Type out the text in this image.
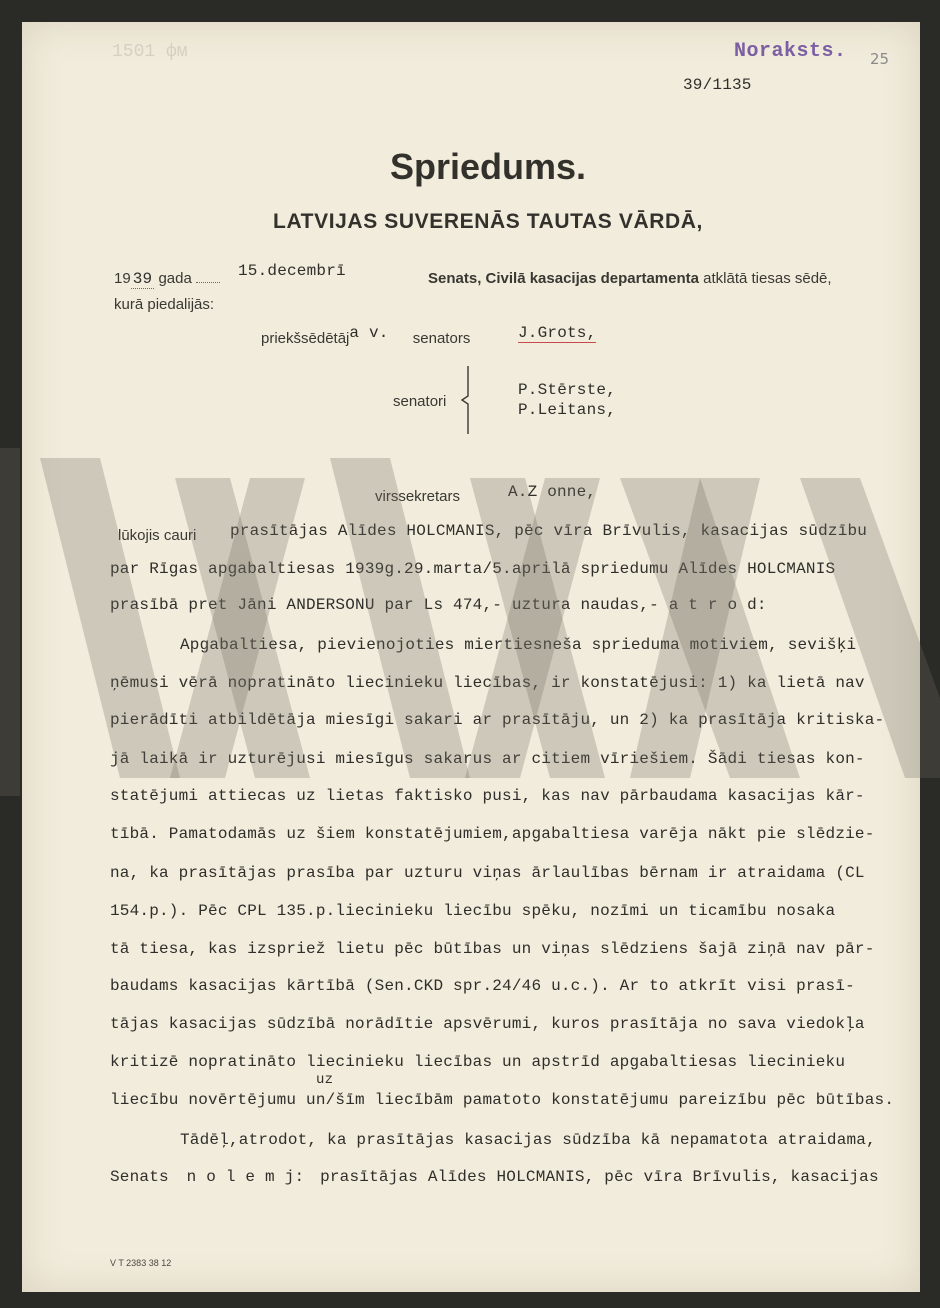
1501 фм	Noraksts. 25
39/1135
Spriedums.
LATVIJAS SUVERENĀS TAUTAS VĀRDĀ,
19 39 gada	15.decembrī	Senats, Civilā kasacijas departamenta atklātā tiesas sēdē,
kurā piedalijās:
priekšsēdētāja v. senators	J.Grots,
senatori
P.Stērste,
P.Leitans,
virssekretars	A.Z onne,
lūkojis cauri prasītājas Alīdes HOLCMANIS, pēc vīra Brīvulis, kasacijas sūdzību
par Rīgas apgabaltiesas 1939g.29.marta/5.aprilā spriedumu Alīdes HOLCMANIS
prasībā pret Jāni ANDERSONU par Ls 474,- uztura naudas,- a t r o d:
Apgabaltiesa, pievienojoties miertiesneša sprieduma motiviem, sevišķi
ņēmusi vērā nopratināto liecinieku liecības, ir konstatējusi: 1) ka lietā nav
pierādīti atbildētāja miesīgi sakari ar prasītāju, un 2) ka prasītāja kritiska-
jā laikā ir uzturējusi miesīgus sakarus ar citiem vīriešiem. Šādi tiesas kon-
statējumi attiecas uz lietas faktisko pusi, kas nav pārbaudama kasacijas kār-
tībā. Pamatodamās uz šiem konstatējumiem,apgabaltiesa varēja nākt pie slēdzie-
na, ka prasītājas prasība par uzturu viņas ārlaulības bērnam ir atraidama (CL
154.p.). Pēc CPL 135.p.liecinieku liecību spēku, nozīmi un ticamību nosaka
tā tiesa, kas izspriež lietu pēc būtības un viņas slēdziens šajā ziņā nav pār-
baudams kasacijas kārtībā (Sen.CKD spr.24/46 u.c.). Ar to atkrīt visi prasī-
tājas kasacijas sūdzībā norādītie apsvērumi, kuros prasītāja no sava viedokļa
kritizē nopratināto liecinieku liecības un apstrīd apgabaltiesas liecinieku
uz
liecību novērtējumu un/šīm liecībām pamatoto konstatējumu pareizību pēc būtības.
Tādēļ,atrodot, ka prasītājas kasacijas sūdzība kā nepamatota atraidama,
Senats n o l e m j: prasītājas Alīdes HOLCMANIS, pēc vīra Brīvulis, kasacijas
V T 2383 38 12
